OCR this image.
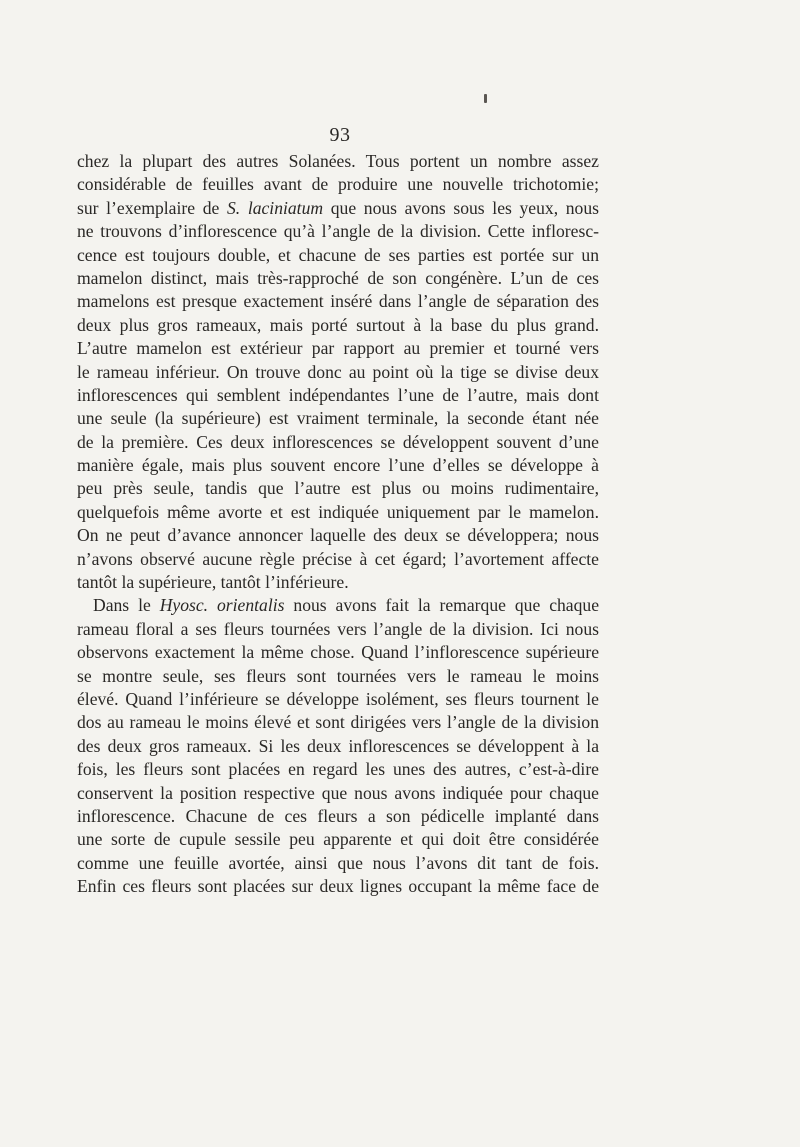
93
chez la plupart des autres Solanées. Tous portent un nombre assez
considérable de feuilles avant de produire une nouvelle trichotomie;
sur l’exemplaire de S. laciniatum que nous avons sous les yeux, nous
ne trouvons d’inflorescence qu’à l’angle de la division. Cette infloresc-
cence est toujours double, et chacune de ses parties est portée sur un
mamelon distinct, mais très-rapproché de son congénère. L’un de ces
mamelons est presque exactement inséré dans l’angle de séparation des
deux plus gros rameaux, mais porté surtout à la base du plus grand.
L’autre mamelon est extérieur par rapport au premier et tourné vers
le rameau inférieur. On trouve donc au point où la tige se divise deux
inflorescences qui semblent indépendantes l’une de l’autre, mais dont
une seule (la supérieure) est vraiment terminale, la seconde étant née
de la première. Ces deux inflorescences se développent souvent d’une
manière égale, mais plus souvent encore l’une d’elles se développe à
peu près seule, tandis que l’autre est plus ou moins rudimentaire,
quelquefois même avorte et est indiquée uniquement par le mamelon.
On ne peut d’avance annoncer laquelle des deux se développera; nous
n’avons observé aucune règle précise à cet égard; l’avortement affecte
tantôt la supérieure, tantôt l’inférieure.
Dans le Hyosc. orientalis nous avons fait la remarque que chaque
rameau floral a ses fleurs tournées vers l’angle de la division. Ici nous
observons exactement la même chose. Quand l’inflorescence supérieure
se montre seule, ses fleurs sont tournées vers le rameau le moins
élevé. Quand l’inférieure se développe isolément, ses fleurs tournent le
dos au rameau le moins élevé et sont dirigées vers l’angle de la division
des deux gros rameaux. Si les deux inflorescences se développent à la
fois, les fleurs sont placées en regard les unes des autres, c’est-à-dire
conservent la position respective que nous avons indiquée pour chaque
inflorescence. Chacune de ces fleurs a son pédicelle implanté dans
une sorte de cupule sessile peu apparente et qui doit être considérée
comme une feuille avortée, ainsi que nous l’avons dit tant de fois.
Enfin ces fleurs sont placées sur deux lignes occupant la même face de
